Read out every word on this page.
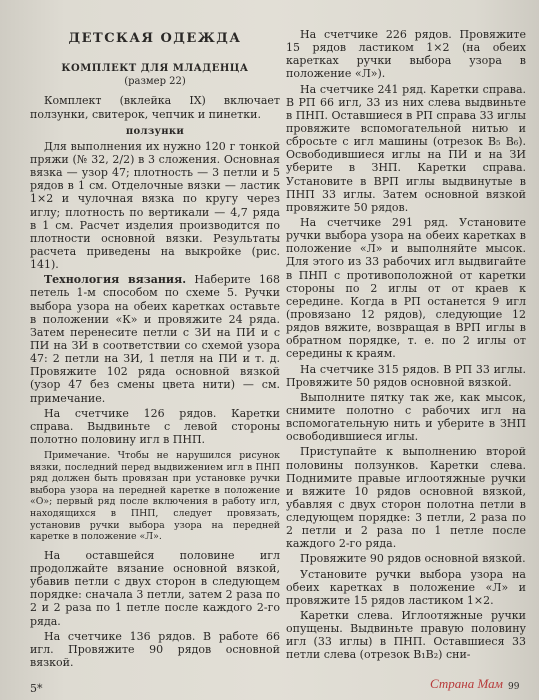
ДЕТСКАЯ ОДЕЖДА

КОМПЛЕКТ ДЛЯ МЛАДЕНЦА

(размер 22)

Комплект (вклейка IX) включает ползунки, свитерок, чепчик и пинетки.

ползунки

Для выполнения их нужно 120 г тонкой пряжи (№ 32, 2/2) в 3 сложения. Основная вязка — узор 47; плотность — 3 петли и 5 рядов в 1 см. Отделочные вязки — ластик 1×2 и чулочная вязка по кругу через иглу; плотность по вертикали — 4,7 ряда в 1 см. Расчет изделия производится по плотности основной вязки. Результаты расчета приведены на выкройке (рис. 141).

Технология вязания. Наберите 168 петель 1-м способом по схеме 5. Ручки выбора узора на обеих каретках оставьте в положении «К» и провяжите 24 ряда. Затем перенесите петли с ЗИ на ПИ и с ПИ на ЗИ в соответствии со схемой узора 47: 2 петли на ЗИ, 1 петля на ПИ и т. д. Провяжите 102 ряда основной вязкой (узор 47 без смены цвета нити) — см. примечание.

На счетчике 126 рядов. Каретки справа. Выдвиньте с левой стороны полотно половину игл в ПНП.

Примечание. Чтобы не нарушился рисунок вязки, последний перед выдвижением игл в ПНП ряд должен быть провязан при установке ручки выбора узора на передней каретке в положение «О»; первый ряд после включения в работу игл, находящихся в ПНП, следует провязать, установив ручки выбора узора на передней каретке в положение «Л».

На оставшейся половине игл продолжайте вязание основной вязкой, убавив петли с двух сторон в следующем порядке: сначала 3 петли, затем 2 раза по 2 и 2 раза по 1 петле после каждого 2-го ряда.

На счетчике 136 рядов. В работе 66 игл. Провяжите 90 рядов основной вязкой.

На счетчике 226 рядов. Провяжите 15 рядов ластиком 1×2 (на обеих каретках ручки выбора узора в положение «Л»).

На счетчике 241 ряд. Каретки справа. В РП 66 игл, 33 из них слева выдвиньте в ПНП. Оставшиеся в РП справа 33 иглы провяжите вспомогательной нитью и сбросьте с игл машины (отрезок B₅ B₆). Освободившиеся иглы на ПИ и на ЗИ уберите в ЗНП. Каретки справа. Установите в ВРП иглы выдвинутые в ПНП 33 иглы. Затем основной вязкой провяжите 50 рядов.

На счетчике 291 ряд. Установите ручки выбора узора на обеих каретках в положение «Л» и выполняйте мысок. Для этого из 33 рабочих игл выдвигайте в ПНП с противоположной от каретки стороны по 2 иглы от от краев к середине. Когда в РП останется 9 игл (провязано 12 рядов), следующие 12 рядов вяжите, возвращая в ВРП иглы в обратном порядке, т. е. по 2 иглы от середины к краям.

На счетчике 315 рядов. В РП 33 иглы. Провяжите 50 рядов основной вязкой.

Выполните пятку так же, как мысок, снимите полотно с рабочих игл на вспомогательную нить и уберите в ЗНП освободившиеся иглы.

Приступайте к выполнению второй половины ползунков. Каретки слева. Поднимите правые иглоотяжные ручки и вяжите 10 рядов основной вязкой, убавляя с двух сторон полотна петли в следующем порядке: 3 петли, 2 раза по 2 петли и 2 раза по 1 петле после каждого 2-го ряда.

Провяжите 90 рядов основной вязкой.

Установите ручки выбора узора на обеих каретках в положение «Л» и провяжите 15 рядов ластиком 1×2.

Каретки слева. Иглоотяжные ручки опущены. Выдвиньте правую половину игл (33 иглы) в ПНП. Оставшиеся 33 петли слева (отрезок B₁B₂) сни-

5*	99
Страна Мам
